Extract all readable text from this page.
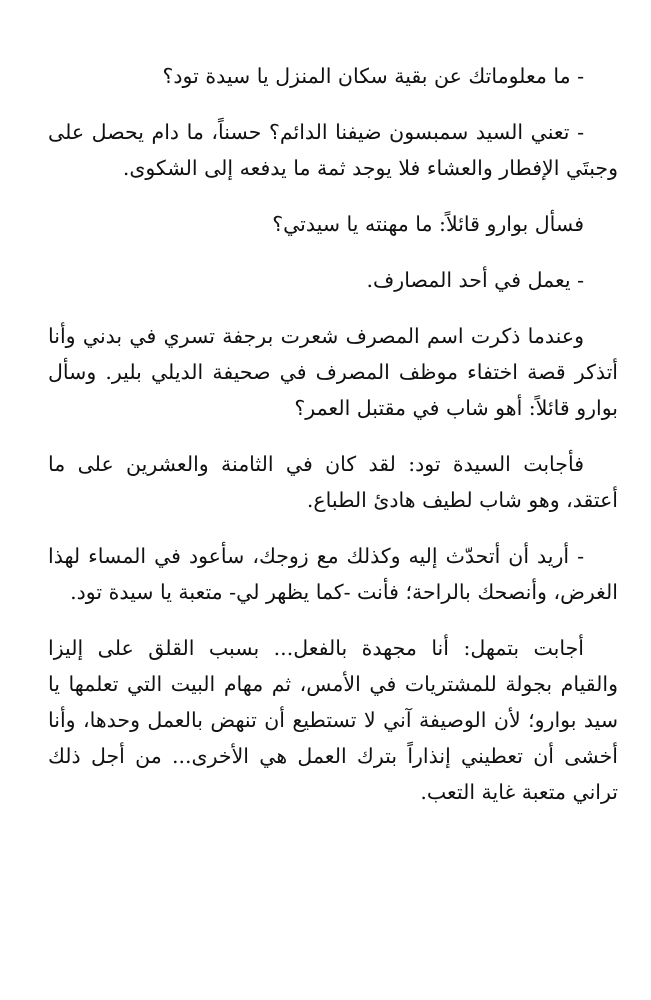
- ما معلوماتك عن بقية سكان المنزل يا سيدة تود؟

- تعني السيد سمبسون ضيفنا الدائم؟ حسناً، ما دام يحصل على وجبتَي الإفطار والعشاء فلا يوجد ثمة ما يدفعه إلى الشكوى.

فسأل بوارو قائلاً: ما مهنته يا سيدتي؟

- يعمل في أحد المصارف.

وعندما ذكرت اسم المصرف شعرت برجفة تسري في بدني وأنا أتذكر قصة اختفاء موظف المصرف في صحيفة الديلي بلير. وسأل بوارو قائلاً: أهو شاب في مقتبل العمر؟

فأجابت السيدة تود: لقد كان في الثامنة والعشرين على ما أعتقد، وهو شاب لطيف هادئ الطباع.

- أريد أن أتحدّث إليه وكذلك مع زوجك، سأعود في المساء لهذا الغرض، وأنصحك بالراحة؛ فأنت -كما يظهر لي- متعبة يا سيدة تود.

أجابت بتمهل: أنا مجهدة بالفعل... بسبب القلق على إليزا والقيام بجولة للمشتريات في الأمس، ثم مهام البيت التي تعلمها يا سيد بوارو؛ لأن الوصيفة آني لا تستطيع أن تنهض بالعمل وحدها، وأنا أخشى أن تعطيني إنذاراً بترك العمل هي الأخرى... من أجل ذلك تراني متعبة غاية التعب.
